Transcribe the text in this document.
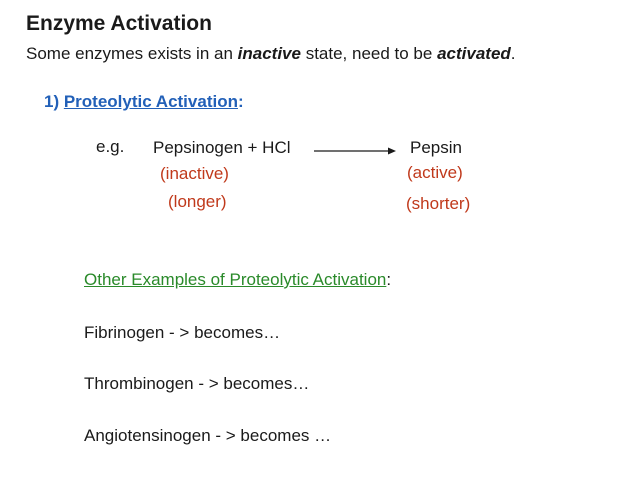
Enzyme Activation
Some enzymes exists in an inactive state, need to be activated.
1) Proteolytic Activation:
e.g. Pepsinogen + HCl	Pepsin
(inactive)
(longer)
(active)
(shorter)
Other Examples of Proteolytic Activation:
Fibrinogen - > becomes…
Thrombinogen - > becomes…
Angiotensinogen - > becomes …
